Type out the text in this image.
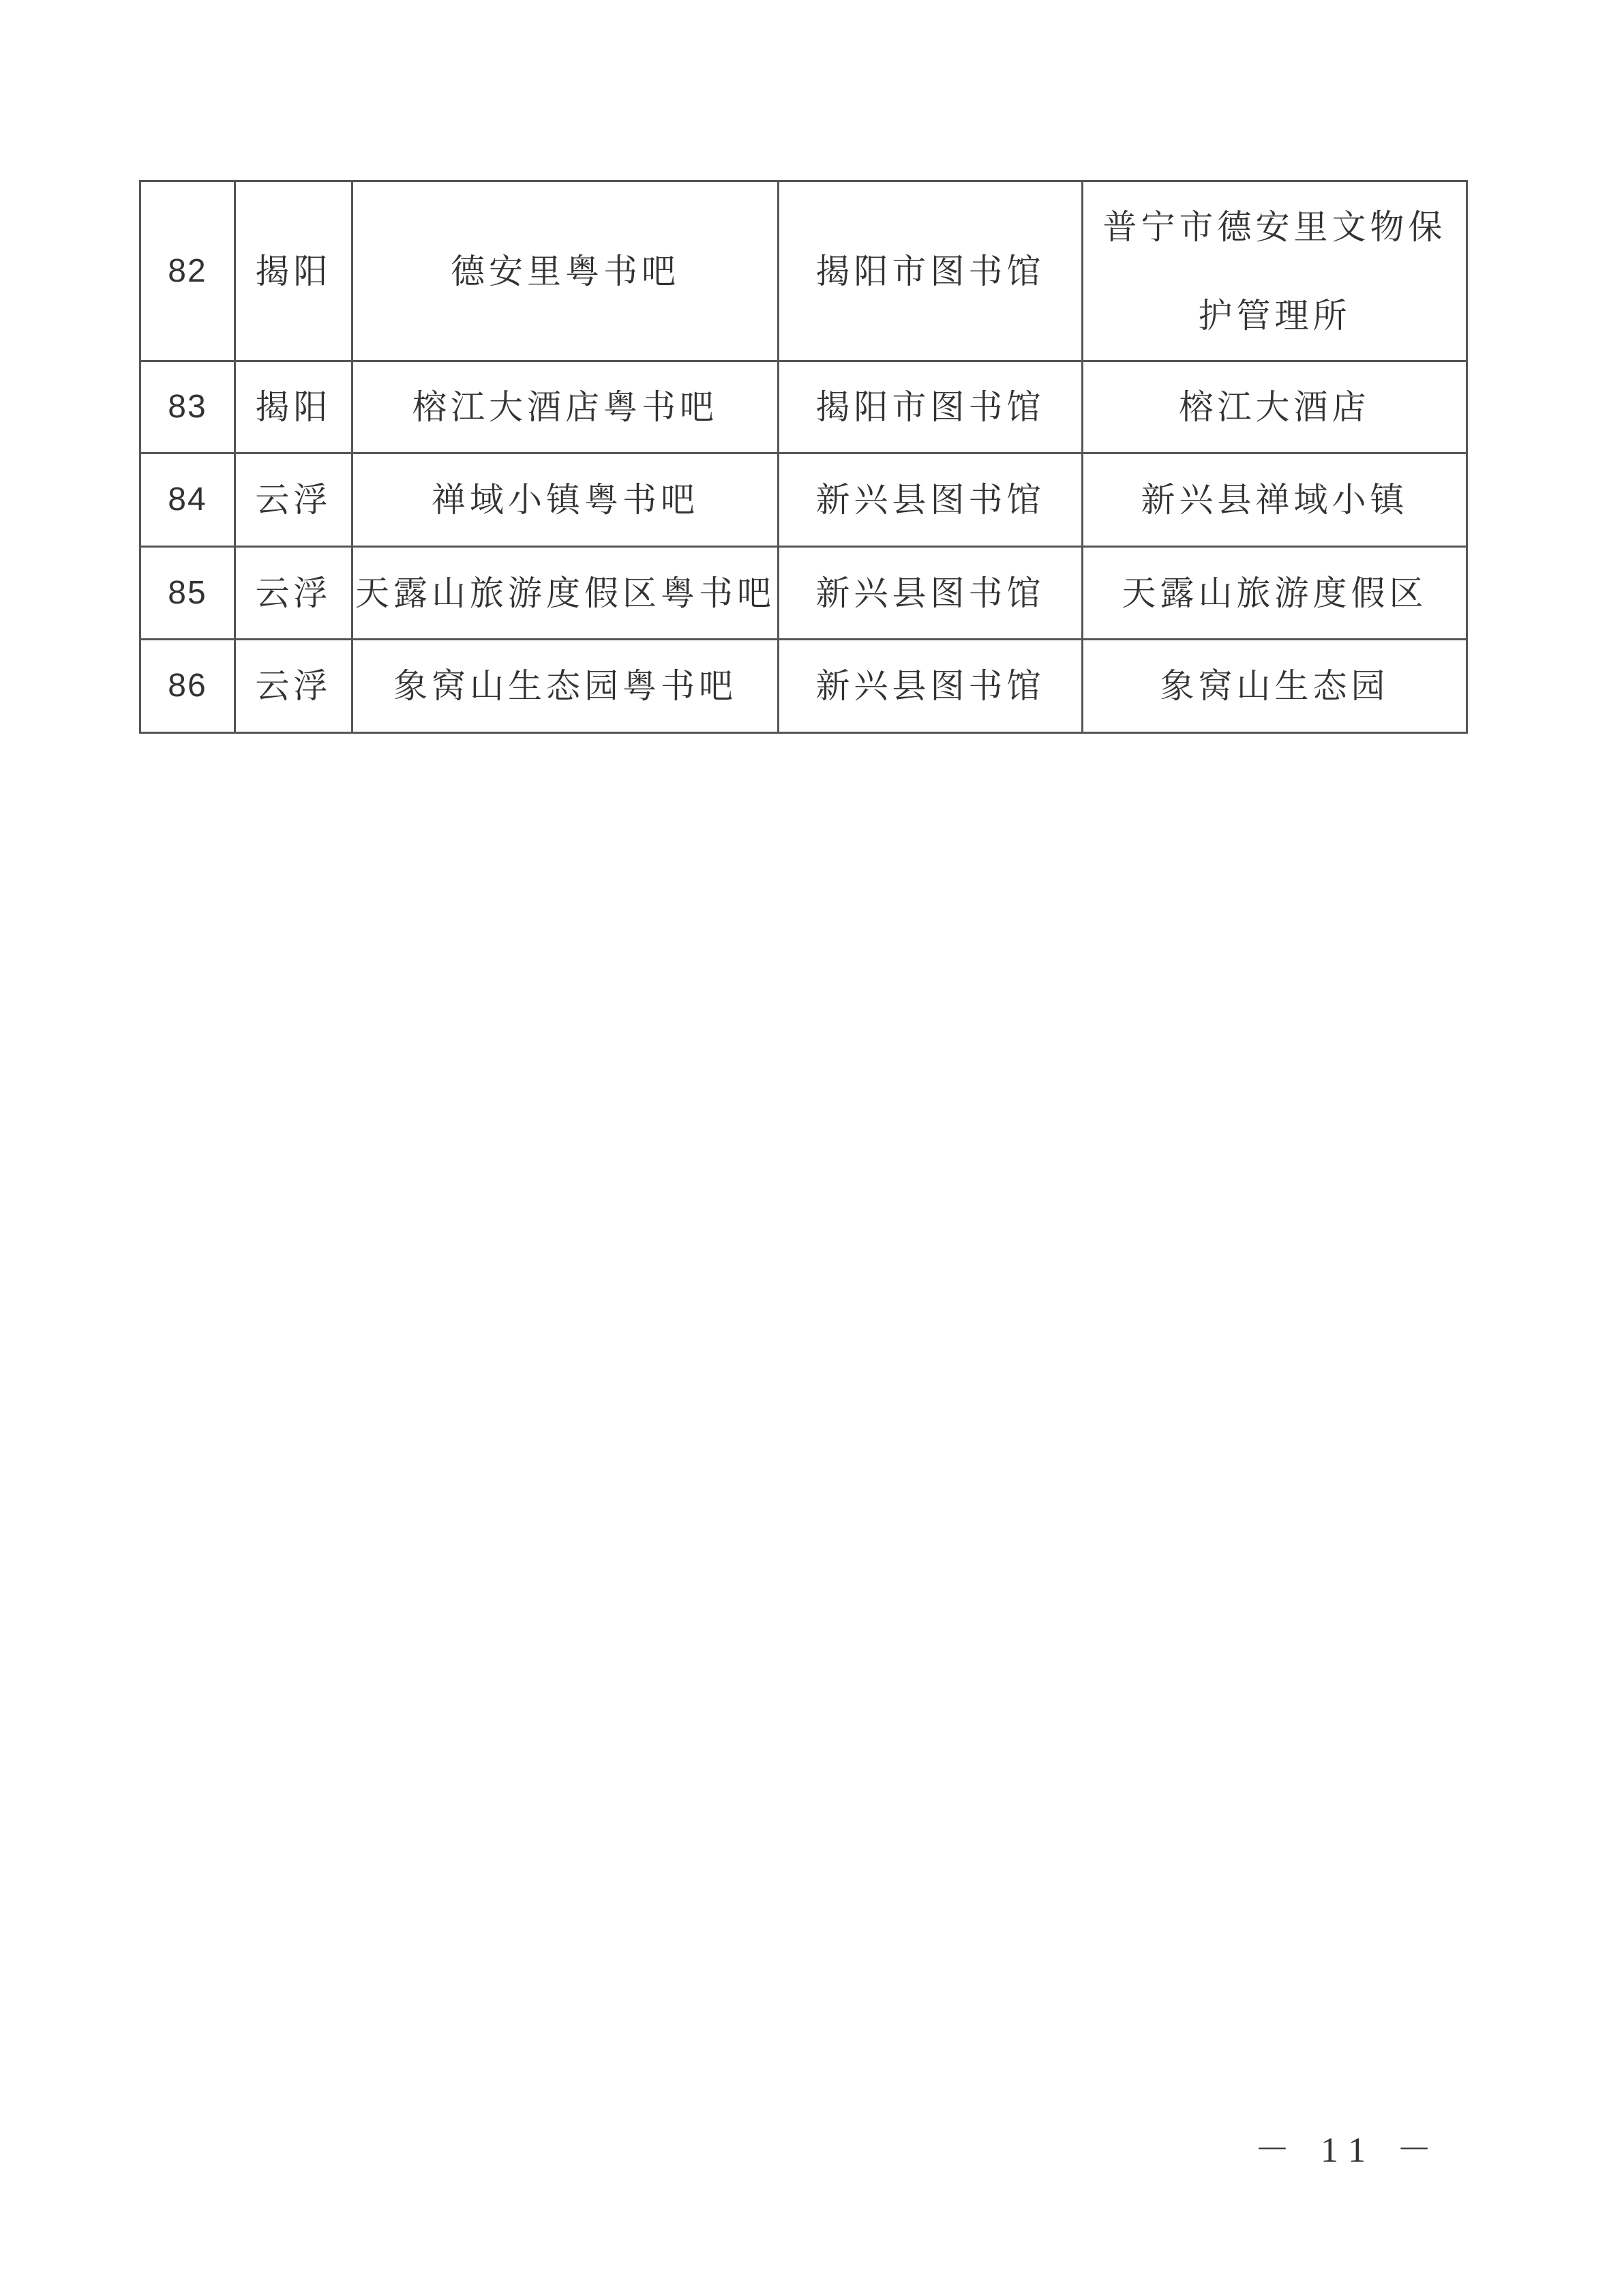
82	揭阳	德安里粤书吧	揭阳市图书馆	普宁市德安里文物保护管理所
83	揭阳	榕江大酒店粤书吧	揭阳市图书馆	榕江大酒店
84	云浮	禅域小镇粤书吧	新兴县图书馆	新兴县禅域小镇
85	云浮	天露山旅游度假区粤书吧	新兴县图书馆	天露山旅游度假区
86	云浮	象窝山生态园粤书吧	新兴县图书馆	象窝山生态园
－ 11 －
